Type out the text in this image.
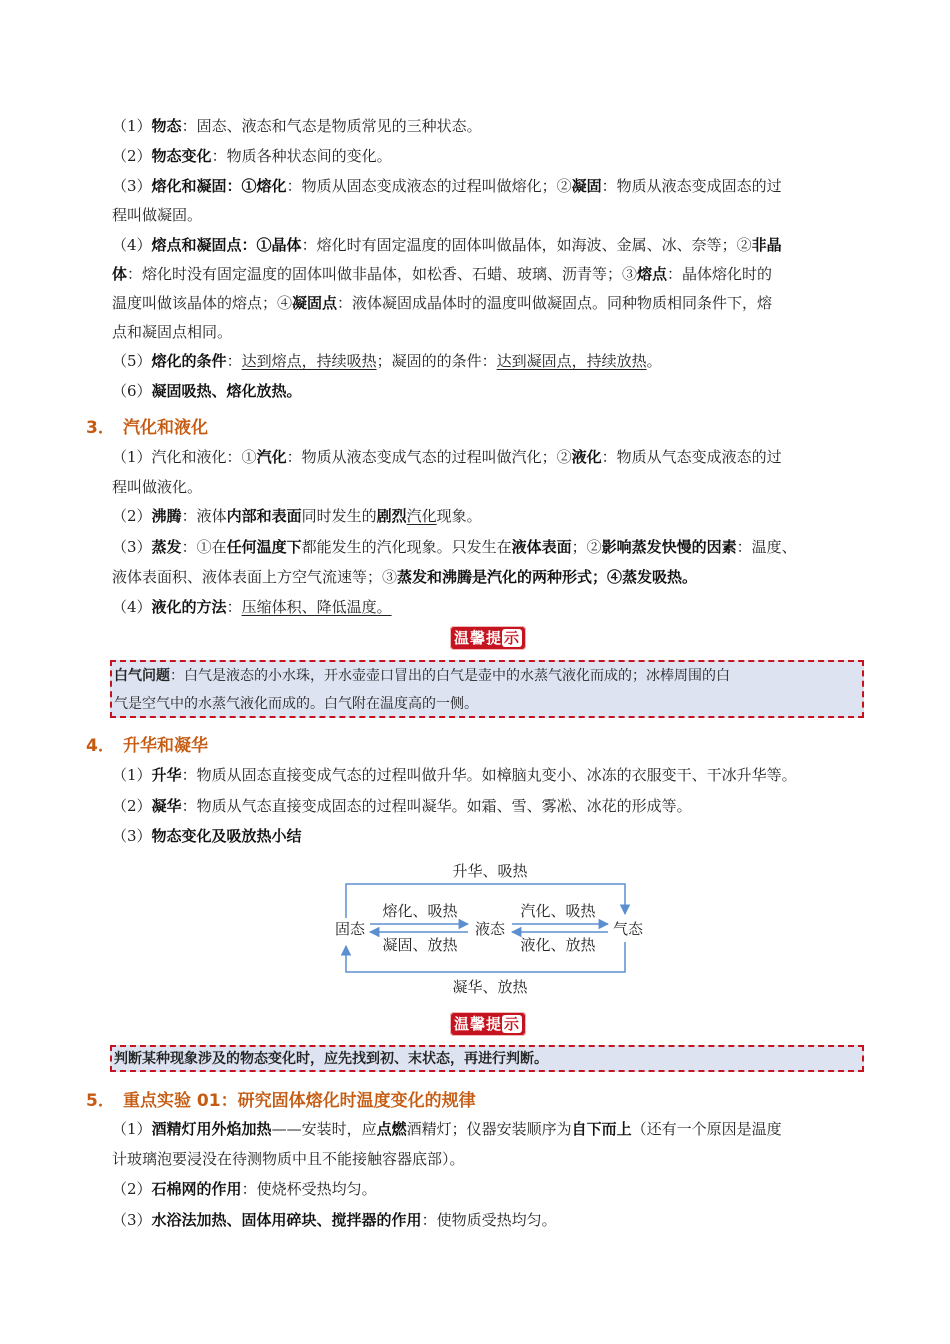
（1）物态：固态、液态和气态是物质常见的三种状态。
（2）物态变化：物质各种状态间的变化。
（3）熔化和凝固：①熔化：物质从固态变成液态的过程叫做熔化；②凝固：物质从液态变成固态的过
程叫做凝固。
（4）熔点和凝固点：①晶体：熔化时有固定温度的固体叫做晶体，如海波、金属、冰、奈等；②非晶
体：熔化时没有固定温度的固体叫做非晶体，如松香、石蜡、玻璃、沥青等；③熔点：晶体熔化时的
温度叫做该晶体的熔点；④凝固点：液体凝固成晶体时的温度叫做凝固点。同种物质相同条件下，熔
点和凝固点相同。
（5）熔化的条件：达到熔点，持续吸热；凝固的的条件：达到凝固点，持续放热。
（6）凝固吸热、熔化放热。
3． 汽化和液化
（1）汽化和液化：①汽化：物质从液态变成气态的过程叫做汽化；②液化：物质从气态变成液态的过
程叫做液化。
（2）沸腾：液体内部和表面同时发生的剧烈汽化现象。
（3）蒸发：①在任何温度下都能发生的汽化现象。只发生在液体表面；②影响蒸发快慢的因素：温度、
液体表面积、液体表面上方空气流速等；③蒸发和沸腾是汽化的两种形式；④蒸发吸热。
（4）液化的方法：压缩体积、降低温度。
温馨提 示
白气问题：白气是液态的小水珠，开水壶壶口冒出的白气是壶中的水蒸气液化而成的；冰棒周围的白
气是空气中的水蒸气液化而成的。白气附在温度高的一侧。
4． 升华和凝华
（1）升华：物质从固态直接变成气态的过程叫做升华。如樟脑丸变小、冰冻的衣服变干、干冰升华等。
（2）凝华：物质从气态直接变成固态的过程叫凝华。如霜、雪、雾凇、冰花的形成等。
（3）物态变化及吸放热小结
升华、吸热
固态	液态	气态
熔化、吸热	汽化、吸热
凝固、放热	液化、放热
凝华、放热
温馨提 示
判断某种现象涉及的物态变化时，应先找到初、末状态，再进行判断。
5． 重点实验 01：研究固体熔化时温度变化的规律
（1）酒精灯用外焰加热——安装时，应点燃酒精灯；仪器安装顺序为自下而上（还有一个原因是温度
计玻璃泡要浸没在待测物质中且不能接触容器底部）。
（2）石棉网的作用：使烧杯受热均匀。
（3）水浴法加热、固体用碎块、搅拌器的作用：使物质受热均匀。
